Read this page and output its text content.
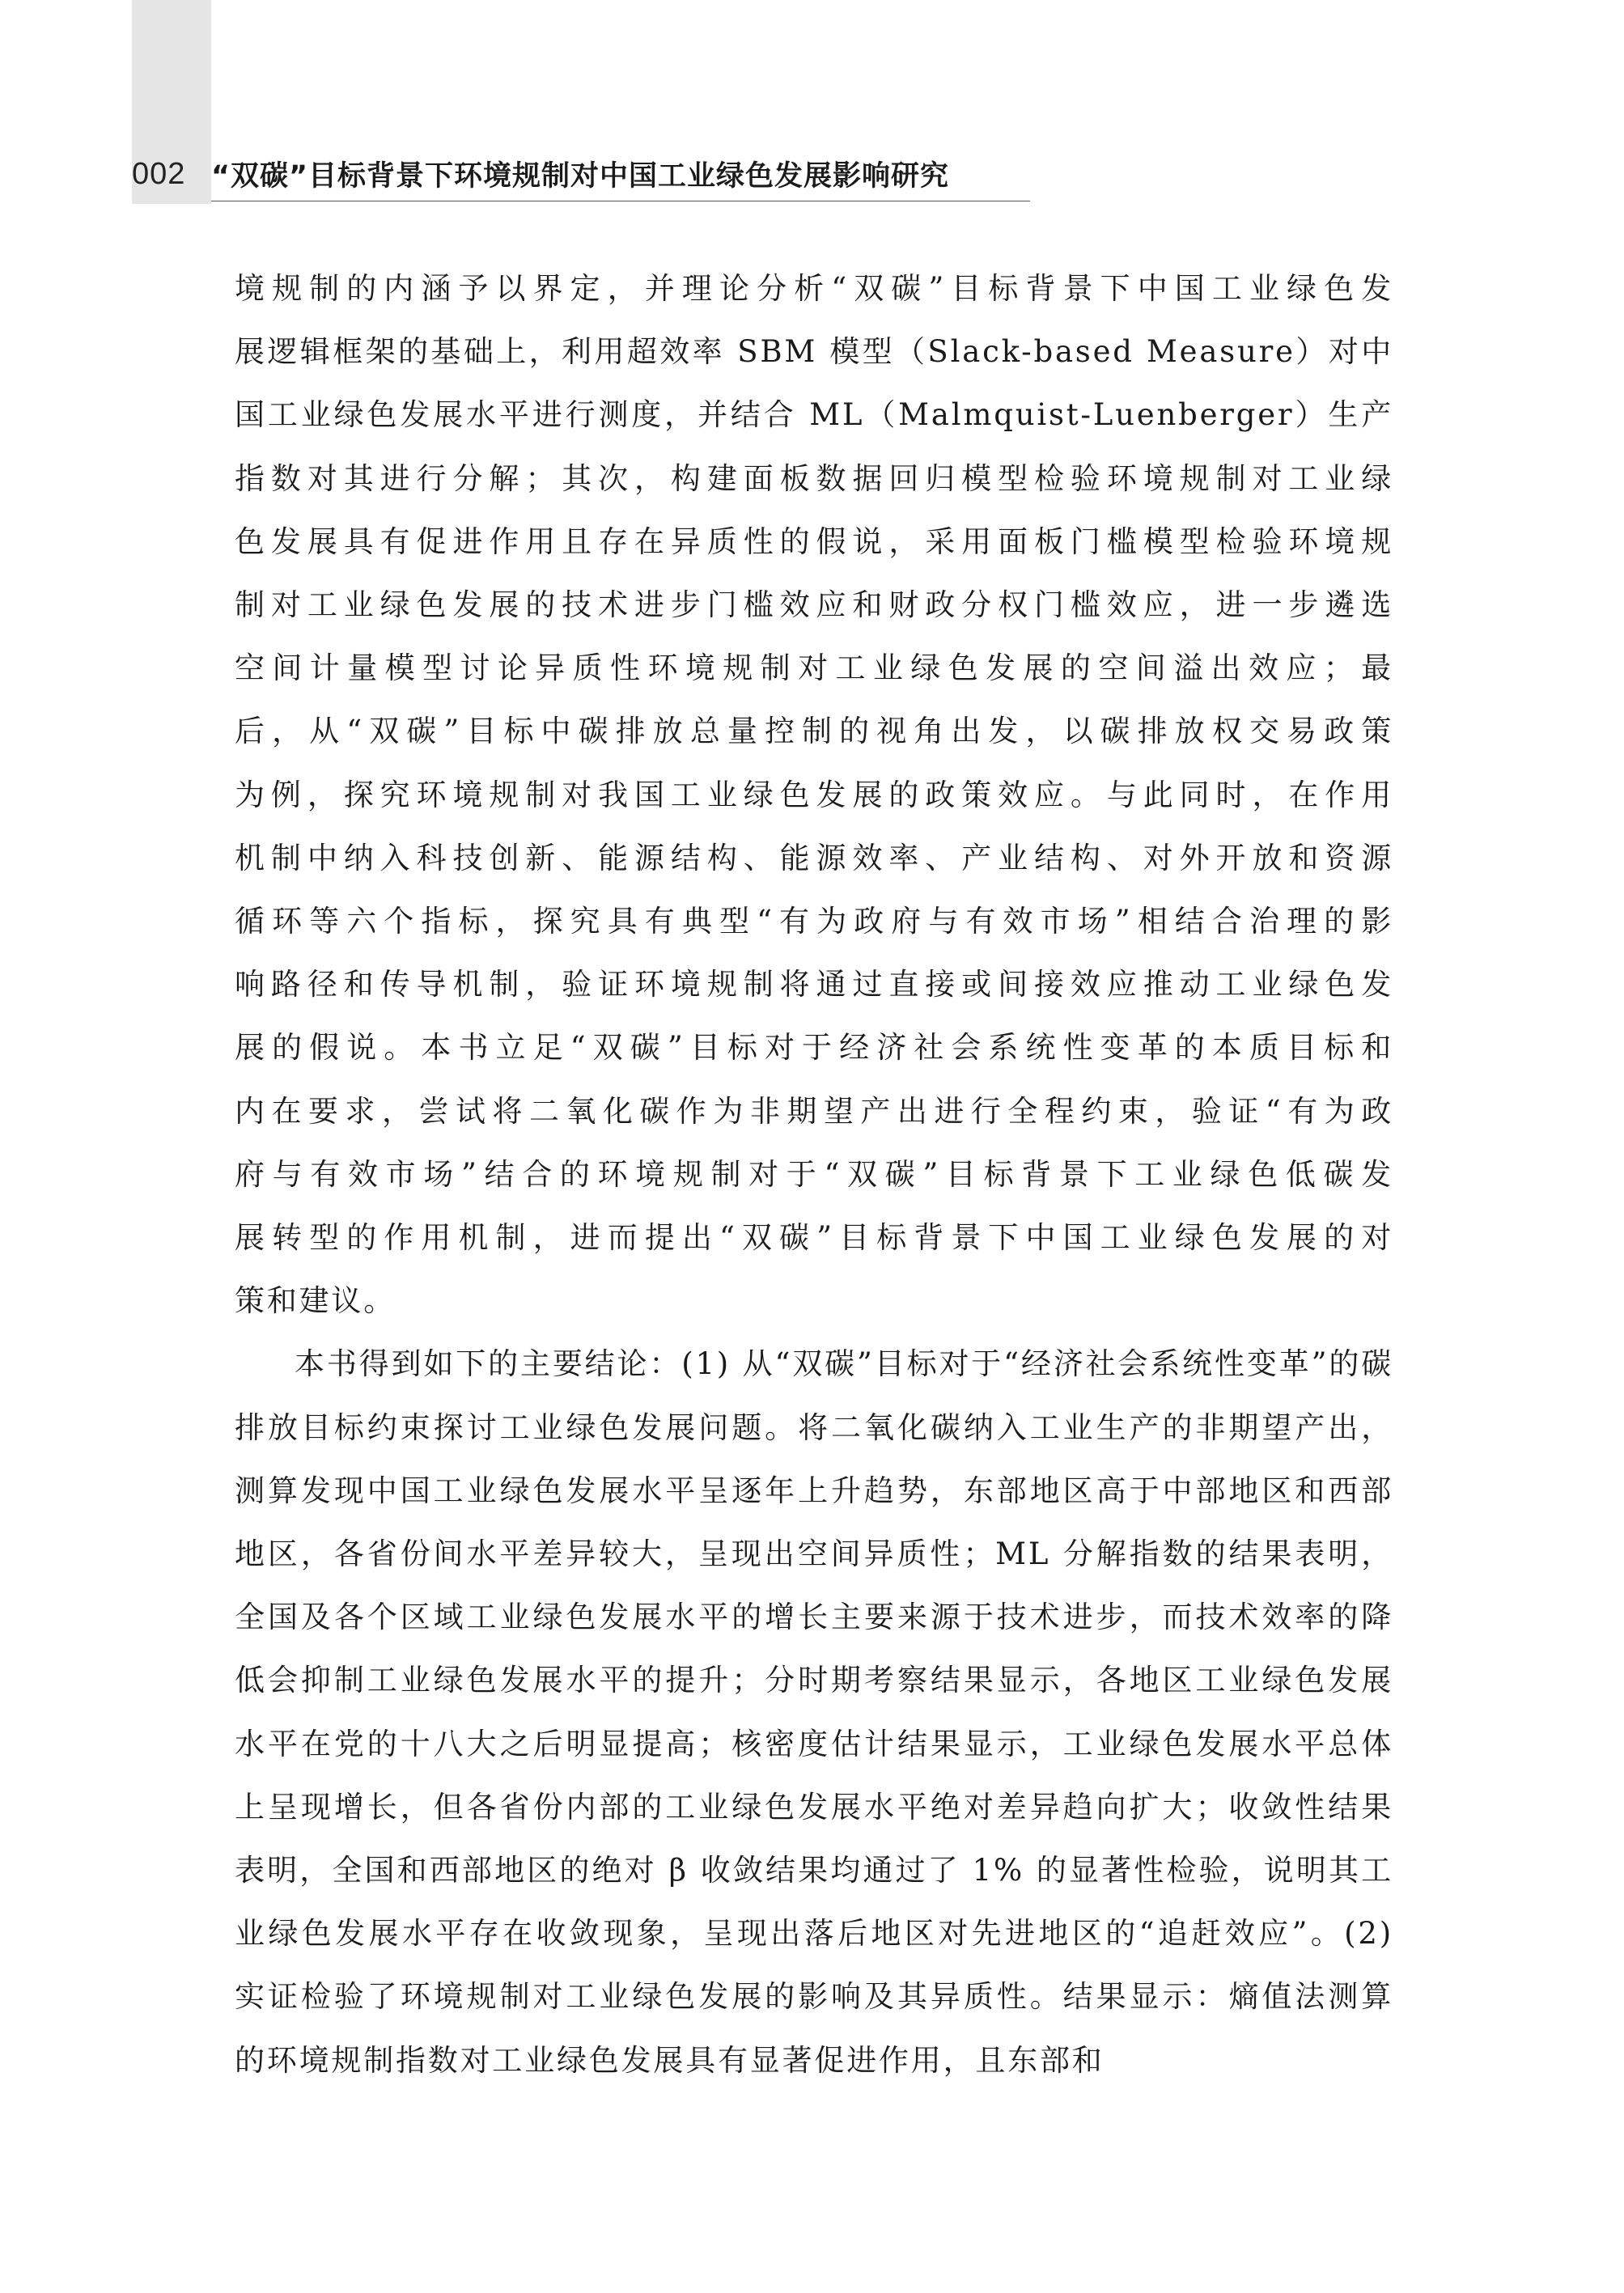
002 “双碳”目标背景下环境规制对中国工业绿色发展影响研究

境规制的内涵予以界定，并理论分析“双碳”目标背景下中国工业绿色发
展逻辑框架的基础上，利用超效率 SBM 模型（Slack-based Measure）对中
国工业绿色发展水平进行测度，并结合 ML（Malmquist-Luenberger）生产
指数对其进行分解；其次，构建面板数据回归模型检验环境规制对工业绿
色发展具有促进作用且存在异质性的假说，采用面板门槛模型检验环境规
制对工业绿色发展的技术进步门槛效应和财政分权门槛效应，进一步遴选
空间计量模型讨论异质性环境规制对工业绿色发展的空间溢出效应；最
后，从“双碳”目标中碳排放总量控制的视角出发，以碳排放权交易政策
为例，探究环境规制对我国工业绿色发展的政策效应。与此同时，在作用
机制中纳入科技创新、能源结构、能源效率、产业结构、对外开放和资源
循环等六个指标，探究具有典型“有为政府与有效市场”相结合治理的影
响路径和传导机制，验证环境规制将通过直接或间接效应推动工业绿色发
展的假说。本书立足“双碳”目标对于经济社会系统性变革的本质目标和
内在要求，尝试将二氧化碳作为非期望产出进行全程约束，验证“有为政
府与有效市场”结合的环境规制对于“双碳”目标背景下工业绿色低碳发
展转型的作用机制，进而提出“双碳”目标背景下中国工业绿色发展的对
策和建议。

本书得到如下的主要结论：(1) 从“双碳”目标对于“经济社会系统性变革”的碳排放目标约束探讨工业绿色发展问题。将二氧化碳纳入工业生产的非期望产出，测算发现中国工业绿色发展水平呈逐年上升趋势，东部地区高于中部地区和西部地区，各省份间水平差异较大，呈现出空间异质性；ML 分解指数的结果表明，全国及各个区域工业绿色发展水平的增长主要来源于技术进步，而技术效率的降低会抑制工业绿色发展水平的提升；分时期考察结果显示，各地区工业绿色发展水平在党的十八大之后明显提高；核密度估计结果显示，工业绿色发展水平总体上呈现增长，但各省份内部的工业绿色发展水平绝对差异趋向扩大；收敛性结果表明，全国和西部地区的绝对 β 收敛结果均通过了 1% 的显著性检验，说明其工业绿色发展水平存在收敛现象，呈现出落后地区对先进地区的“追赶效应”。(2) 实证检验了环境规制对工业绿色发展的影响及其异质性。结果显示：熵值法测算的环境规制指数对工业绿色发展具有显著促进作用，且东部和
